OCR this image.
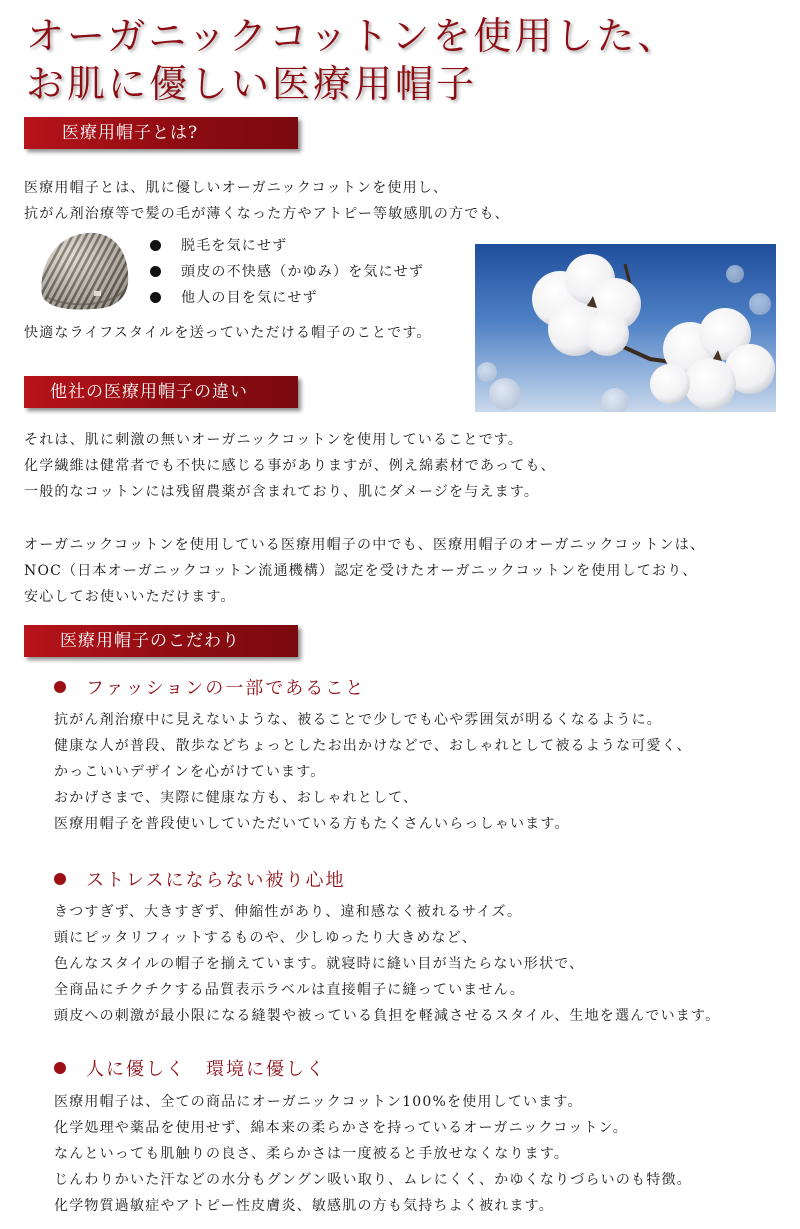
オーガニックコットンを使用した、
お肌に優しい医療用帽子
医療用帽子とは?
医療用帽子とは、肌に優しいオーガニックコットンを使用し、
抗がん剤治療等で髪の毛が薄くなった方やアトピー等敏感肌の方でも、
脱毛を気にせず
頭皮の不快感（かゆみ）を気にせず
他人の目を気にせず
快適なライフスタイルを送っていただける帽子のことです。
他社の医療用帽子の違い
それは、肌に刺激の無いオーガニックコットンを使用していることです。
化学繊維は健常者でも不快に感じる事がありますが、例え綿素材であっても、
一般的なコットンには残留農薬が含まれており、肌にダメージを与えます。
オーガニックコットンを使用している医療用帽子の中でも、医療用帽子のオーガニックコットンは、
NOC（日本オーガニックコットン流通機構）認定を受けたオーガニックコットンを使用しており、
安心してお使いいただけます。
医療用帽子のこだわり
ファッションの一部であること
抗がん剤治療中に見えないような、被ることで少しでも心や雰囲気が明るくなるように。
健康な人が普段、散歩などちょっとしたお出かけなどで、おしゃれとして被るような可愛く、
かっこいいデザインを心がけています。
おかげさまで、実際に健康な方も、おしゃれとして、
医療用帽子を普段使いしていただいている方もたくさんいらっしゃいます。
ストレスにならない被り心地
きつすぎず、大きすぎず、伸縮性があり、違和感なく被れるサイズ。
頭にピッタリフィットするものや、少しゆったり大きめなど、
色んなスタイルの帽子を揃えています。就寝時に縫い目が当たらない形状で、
全商品にチクチクする品質表示ラベルは直接帽子に縫っていません。
頭皮への刺激が最小限になる縫製や被っている負担を軽減させるスタイル、生地を選んでいます。
人に優しく　環境に優しく
医療用帽子は、全ての商品にオーガニックコットン100%を使用しています。
化学処理や薬品を使用せず、綿本来の柔らかさを持っているオーガニックコットン。
なんといっても肌触りの良さ、柔らかさは一度被ると手放せなくなります。
じんわりかいた汗などの水分もグングン吸い取り、ムレにくく、かゆくなりづらいのも特徴。
化学物質過敏症やアトピー性皮膚炎、敏感肌の方も気持ちよく被れます。
